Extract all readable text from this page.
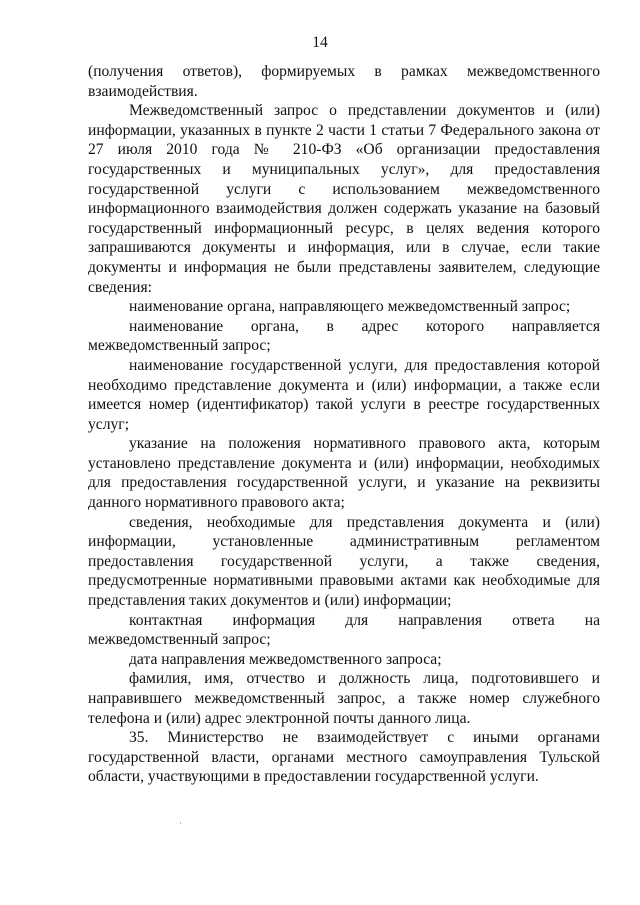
14

(получения ответов), формируемых в рамках межведомственного взаимодействия.

Межведомственный запрос о представлении документов и (или) информации, указанных в пункте 2 части 1 статьи 7 Федерального закона от 27 июля 2010 года № 210-ФЗ «Об организации предоставления государственных и муниципальных услуг», для предоставления государственной услуги с использованием межведомственного информационного взаимодействия должен содержать указание на базовый государственный информационный ресурс, в целях ведения которого запрашиваются документы и информация, или в случае, если такие документы и информация не были представлены заявителем, следующие сведения:

наименование органа, направляющего межведомственный запрос;

наименование органа, в адрес которого направляется межведомственный запрос;

наименование государственной услуги, для предоставления которой необходимо представление документа и (или) информации, а также если имеется номер (идентификатор) такой услуги в реестре государственных услуг;

указание на положения нормативного правового акта, которым установлено представление документа и (или) информации, необходимых для предоставления государственной услуги, и указание на реквизиты данного нормативного правового акта;

сведения, необходимые для представления документа и (или) информации, установленные административным регламентом предоставления государственной услуги, а также сведения, предусмотренные нормативными правовыми актами как необходимые для представления таких документов и (или) информации;

контактная информация для направления ответа на межведомственный запрос;

дата направления межведомственного запроса;

фамилия, имя, отчество и должность лица, подготовившего и направившего межведомственный запрос, а также номер служебного телефона и (или) адрес электронной почты данного лица.

35. Министерство не взаимодействует с иными органами государственной власти, органами местного самоуправления Тульской области, участвующими в предоставлении государственной услуги.
